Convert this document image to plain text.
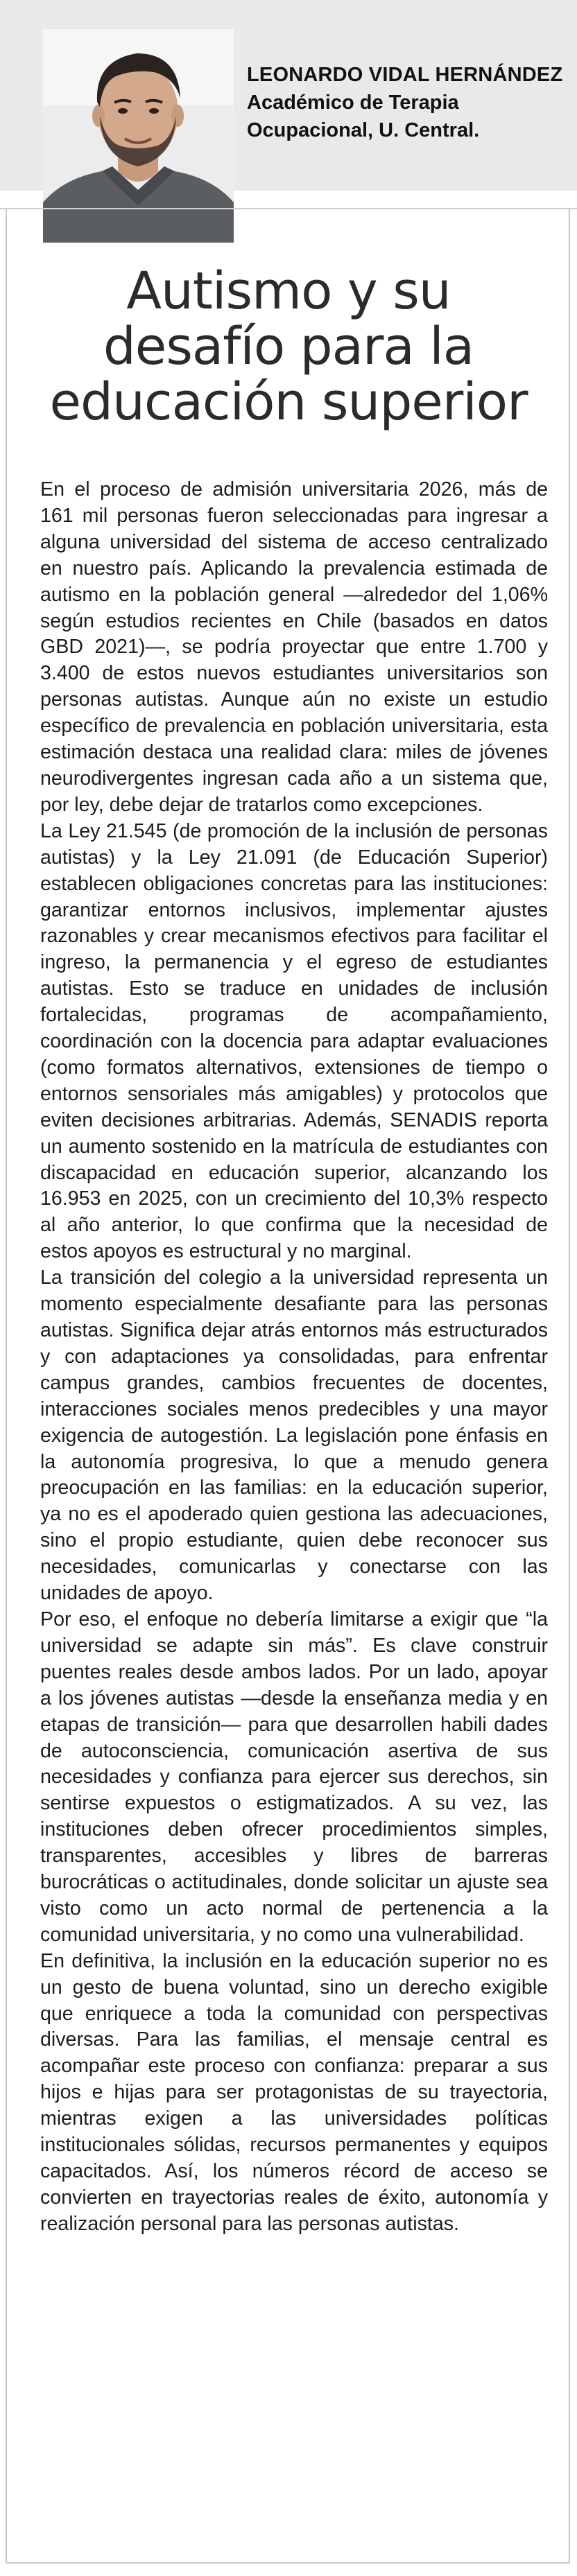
LEONARDO VIDAL HERNÁNDEZ
Académico de Terapia
Ocupacional, U. Central.
Autismo y su
desafío para la
educación superior

En el proceso de admisión universitaria 2026, más de 161 mil personas fueron seleccionadas para ingresar a alguna universidad del sistema de acceso centralizado en nuestro país. Aplicando la prevalencia estimada de autismo en la población general —alrededor del 1,06% según estudios recientes en Chile (basados en datos GBD 2021)—, se podría proyectar que entre 1.700 y 3.400 de estos nuevos estudiantes universitarios son personas autistas. Aunque aún no existe un estudio específico de prevalencia en población universitaria, esta estimación destaca una realidad clara: miles de jóvenes neurodivergentes ingresan cada año a un sistema que, por ley, debe dejar de tratarlos como excepciones.

La Ley 21.545 (de promoción de la inclusión de personas autistas) y la Ley 21.091 (de Educación Superior) establecen obligaciones concretas para las instituciones: garantizar entornos inclusivos, implementar ajustes razonables y crear mecanismos efectivos para facilitar el ingreso, la permanencia y el egreso de estudiantes autistas. Esto se traduce en unidades de inclusión fortalecidas, programas de acompañamiento, coordinación con la docencia para adaptar evaluaciones (como formatos alternativos, extensiones de tiempo o entornos sensoriales más amigables) y protocolos que eviten decisiones arbitrarias. Además, SENADIS reporta un aumento sostenido en la matrícula de estudiantes con discapacidad en educación superior, alcanzando los 16.953 en 2025, con un crecimiento del 10,3% respecto al año anterior, lo que confirma que la necesidad de estos apoyos es estructural y no marginal.

La transición del colegio a la universidad representa un momento especialmente desafiante para las personas autistas. Significa dejar atrás entornos más estructurados y con adaptaciones ya consolidadas, para enfrentar campus grandes, cambios frecuentes de docentes, interacciones sociales menos predecibles y una mayor exigencia de autogestión. La legislación pone énfasis en la autonomía progresiva, lo que a menudo genera preocupación en las familias: en la educación superior, ya no es el apoderado quien gestiona las adecuaciones, sino el propio estudiante, quien debe reconocer sus necesidades, comunicarlas y conectarse con las unidades de apoyo.

Por eso, el enfoque no debería limitarse a exigir que “la universidad se adapte sin más”. Es clave construir puentes reales desde ambos lados. Por un lado, apoyar a los jóvenes autistas —desde la enseñanza media y en etapas de transición— para que desarrollen habili dades de autoconsciencia, comunicación asertiva de sus necesidades y confianza para ejercer sus derechos, sin sentirse expuestos o estigmatizados. A su vez, las instituciones deben ofrecer procedimientos simples, transparentes, accesibles y libres de barreras burocráticas o actitudinales, donde solicitar un ajuste sea visto como un acto normal de pertenencia a la comunidad universitaria, y no como una vulnerabilidad.

En definitiva, la inclusión en la educación superior no es un gesto de buena voluntad, sino un derecho exigible que enriquece a toda la comunidad con perspectivas diversas. Para las familias, el mensaje central es acompañar este proceso con confianza: preparar a sus hijos e hijas para ser protagonistas de su trayectoria, mientras exigen a las universidades políticas institucionales sólidas, recursos permanentes y equipos capacitados. Así, los números récord de acceso se convierten en trayectorias reales de éxito, autonomía y realización personal para las personas autistas.
